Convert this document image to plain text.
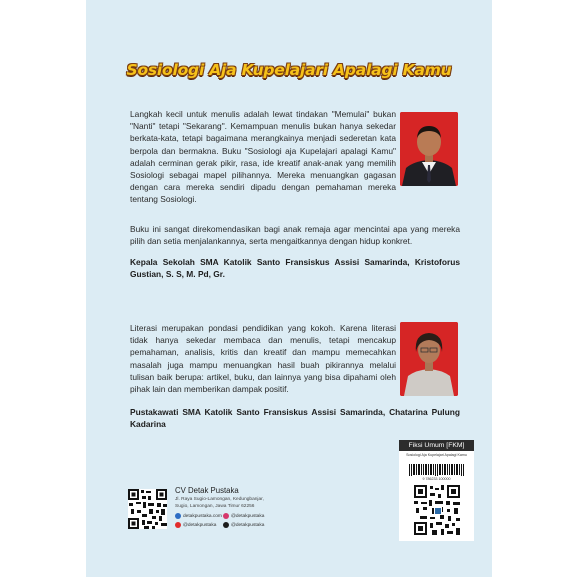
Sosiologi Aja Kupelajari Apalagi Kamu
Langkah kecil untuk menulis adalah lewat tindakan "Memulai" bukan "Nanti" tetapi "Sekarang". Kemampuan menulis bukan hanya sekedar berkata-kata, tetapi bagaimana merangkainya menjadi sederetan kata berpola dan bermakna. Buku "Sosiologi aja Kupelajari apalagi Kamu" adalah cerminan gerak pikir, rasa, ide kreatif anak-anak yang memilih Sosiologi sebagai mapel pilihannya. Mereka menuangkan gagasan dengan cara mereka sendiri dipadu dengan pemahaman mereka tentang Sosiologi.
Buku ini sangat direkomendasikan bagi anak remaja agar mencintai apa yang mereka pilih dan setia menjalankannya, serta mengaitkannya dengan hidup konkret.
Kepala Sekolah SMA Katolik Santo Fransiskus Assisi Samarinda, Kristoforus Gustian, S. S, M. Pd, Gr.
Literasi merupakan pondasi pendidikan yang kokoh. Karena literasi tidak hanya sekedar membaca dan menulis, tetapi mencakup pemahaman, analisis, kritis dan kreatif dan mampu memecahkan masalah juga mampu menuangkan hasil buah pikirannya melalui tulisan baik berupa: artikel, buku, dan lainnya yang bisa dipahami oleh pihak lain dan memberikan dampak positif.
Pustakawati SMA Katolik Santo Fransiskus Assisi Samarinda, Chatarina Pulung Kadarina
Fiksi Umum [FKM]
Sosiologi Aja Kupelajari Apalagi Kamu
9 786233 100000
CV Detak Pustaka
Jl. Raya Sugio-Lamongan, Kedungbanjar,
Sugio, Lamongan, Jawa Timur 62256
detakpustaka.com @detakpustaka
@detakpustaka	@detakpustaka
